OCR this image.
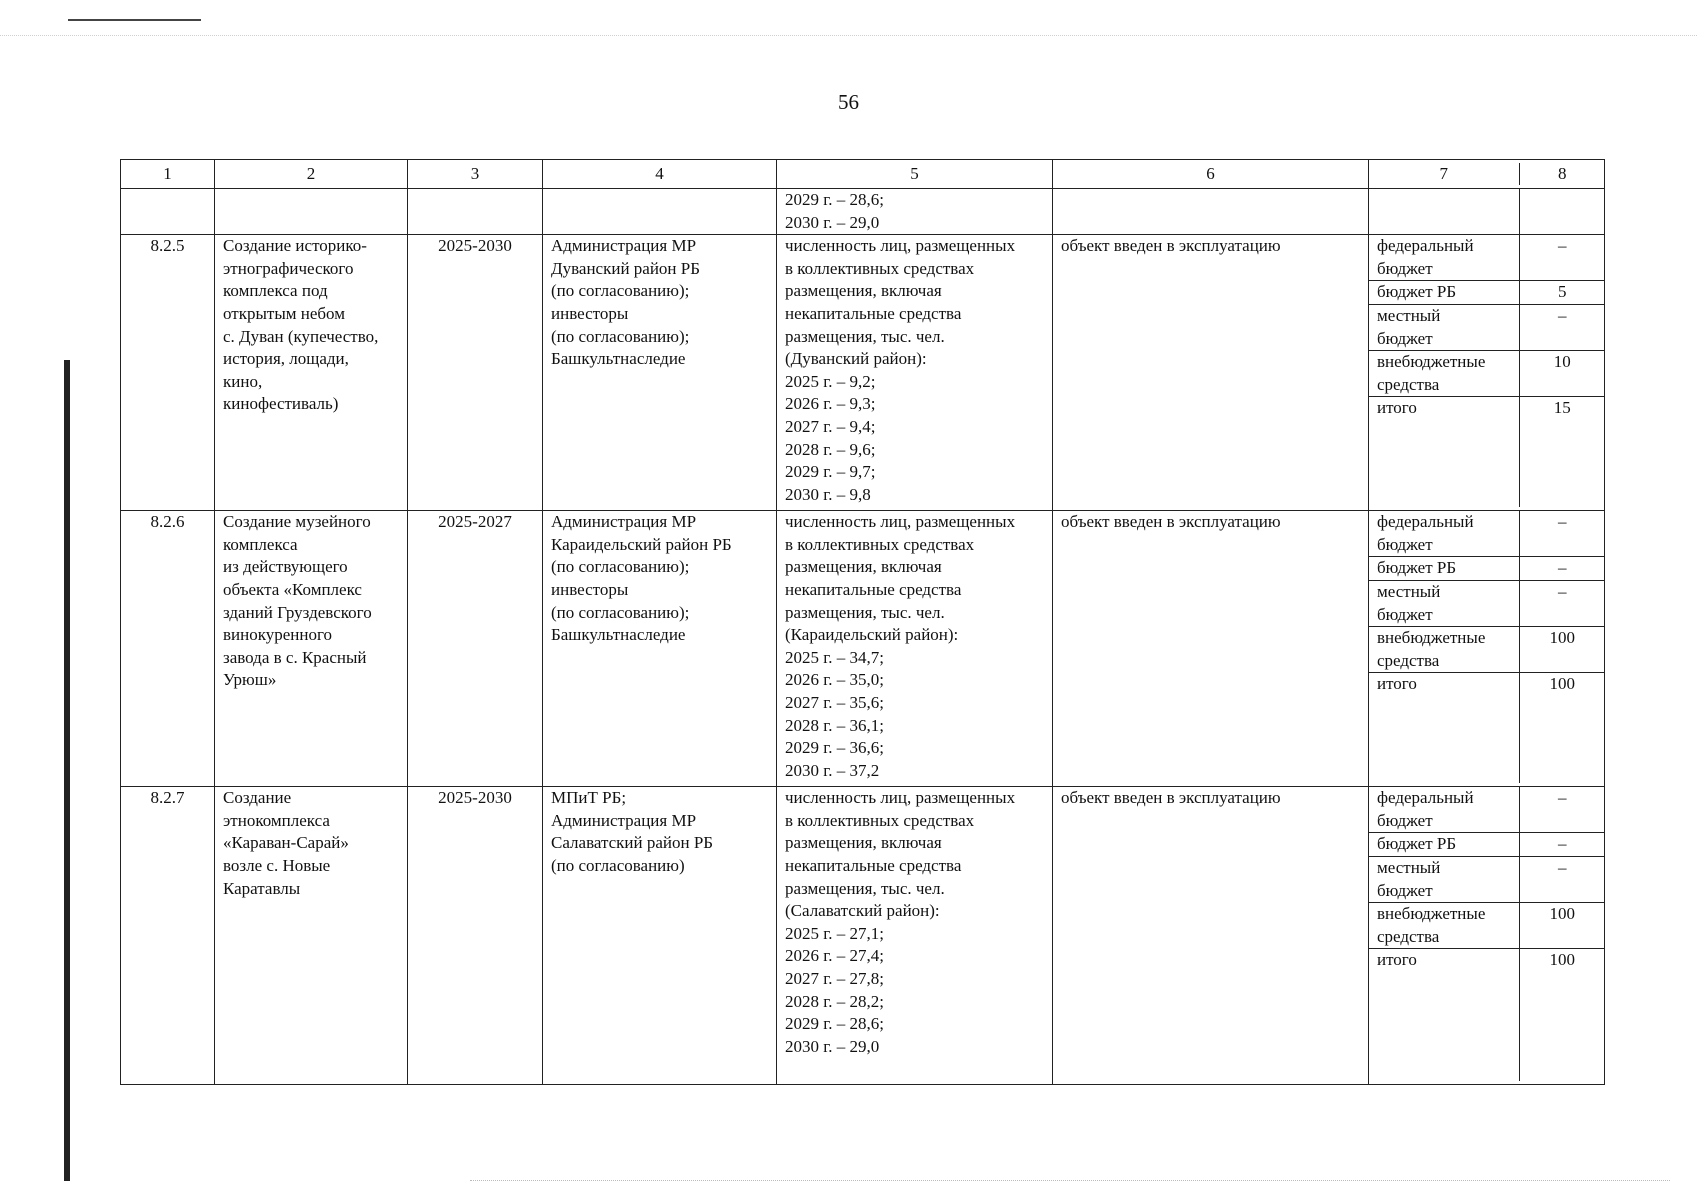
56
1	2	3	4	5	6		7	8

				2029 г. – 28,6;
2030 г. – 29,0		

8.2.5	Создание историко-
этнографического
комплекса под
открытым небом
с. Дуван (купечество,
история, лощади,
кино,
кинофестиваль)	2025-2030	Администрация МР
Дуванский район РБ
(по согласованию);
инвесторы
(по согласованию);
Башкультнаследие	численность лиц, размещенных
в коллективных средствах
размещения, включая
некапитальные средства
размещения, тыс. чел.
(Дуванский район):
2025 г. – 9,2;
2026 г. – 9,3;
2027 г. – 9,4;
2028 г. – 9,6;
2029 г. – 9,7;
2030 г. – 9,8	объект введен в эксплуатацию		федеральный
бюджет	–
бюджет РБ	5
местный
бюджет	–
внебюджетные
средства	10
итого	15

8.2.6	Создание музейного
комплекса
из действующего
объекта «Комплекс
зданий Груздевского
винокуренного
завода в с. Красный
Урюш»	2025-2027	Администрация МР
Караидельский район РБ
(по согласованию);
инвесторы
(по согласованию);
Башкультнаследие	численность лиц, размещенных
в коллективных средствах
размещения, включая
некапитальные средства
размещения, тыс. чел.
(Караидельский район):
2025 г. – 34,7;
2026 г. – 35,0;
2027 г. – 35,6;
2028 г. – 36,1;
2029 г. – 36,6;
2030 г. – 37,2	объект введен в эксплуатацию		федеральный
бюджет	–
бюджет РБ	–
местный
бюджет	–
внебюджетные
средства	100
итого	100

8.2.7	Создание
этнокомплекса
«Караван-Сарай»
возле с. Новые
Каратавлы	2025-2030	МПиТ РБ;
Администрация МР
Салаватский район РБ
(по согласованию)	численность лиц, размещенных
в коллективных средствах
размещения, включая
некапитальные средства
размещения, тыс. чел.
(Салаватский район):
2025 г. – 27,1;
2026 г. – 27,4;
2027 г. – 27,8;
2028 г. – 28,2;
2029 г. – 28,6;
2030 г. – 29,0	объект введен в эксплуатацию		федеральный
бюджет	–
бюджет РБ	–
местный
бюджет	–
внебюджетные
средства	100
итого	100
